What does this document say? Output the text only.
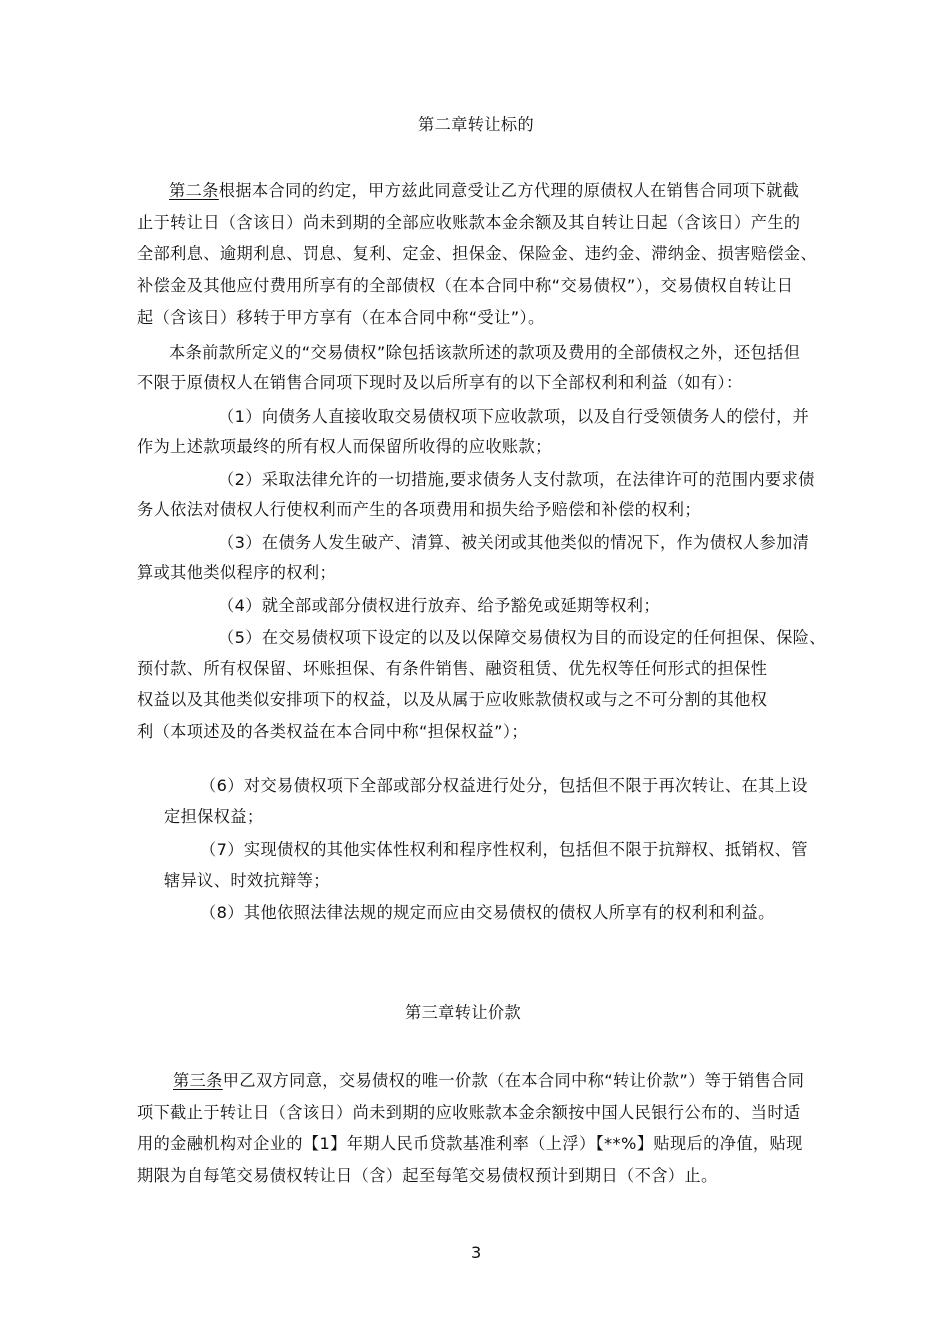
第二章转让标的

第二条根据本合同的约定，甲方兹此同意受让乙方代理的原债权人在销售合同项下就截

止于转让日（含该日）尚未到期的全部应收账款本金余额及其自转让日起（含该日）产生的

全部利息、逾期利息、罚息、复利、定金、担保金、保险金、违约金、滞纳金、损害赔偿金、

补偿金及其他应付费用所享有的全部债权（在本合同中称“交易债权”），交易债权自转让日

起（含该日）移转于甲方享有（在本合同中称“受让”）。

本条前款所定义的“交易债权”除包括该款所述的款项及费用的全部债权之外，还包括但

不限于原债权人在销售合同项下现时及以后所享有的以下全部权利和利益（如有）：

（1）向债务人直接收取交易债权项下应收款项，以及自行受领债务人的偿付，并

作为上述款项最终的所有权人而保留所收得的应收账款；

（2）采取法律允许的一切措施,要求债务人支付款项，在法律许可的范围内要求债

务人依法对债权人行使权利而产生的各项费用和损失给予赔偿和补偿的权利；

（3）在债务人发生破产、清算、被关闭或其他类似的情况下，作为债权人参加清

算或其他类似程序的权利；

（4）就全部或部分债权进行放弃、给予豁免或延期等权利；

（5）在交易债权项下设定的以及以保障交易债权为目的而设定的任何担保、保险、

预付款、所有权保留、坏账担保、有条件销售、融资租赁、优先权等任何形式的担保性

权益以及其他类似安排项下的权益，以及从属于应收账款债权或与之不可分割的其他权

利（本项述及的各类权益在本合同中称“担保权益”）；

（6）对交易债权项下全部或部分权益进行处分，包括但不限于再次转让、在其上设

定担保权益；

（7）实现债权的其他实体性权利和程序性权利，包括但不限于抗辩权、抵销权、管

辖异议、时效抗辩等；

（8）其他依照法律法规的规定而应由交易债权的债权人所享有的权利和利益。

第三章转让价款

第三条甲乙双方同意，交易债权的唯一价款（在本合同中称“转让价款”）等于销售合同

项下截止于转让日（含该日）尚未到期的应收账款本金余额按中国人民银行公布的、当时适

用的金融机构对企业的【1】年期人民币贷款基准利率（上浮）【**%】贴现后的净值，贴现

期限为自每笔交易债权转让日（含）起至每笔交易债权预计到期日（不含）止。

3
